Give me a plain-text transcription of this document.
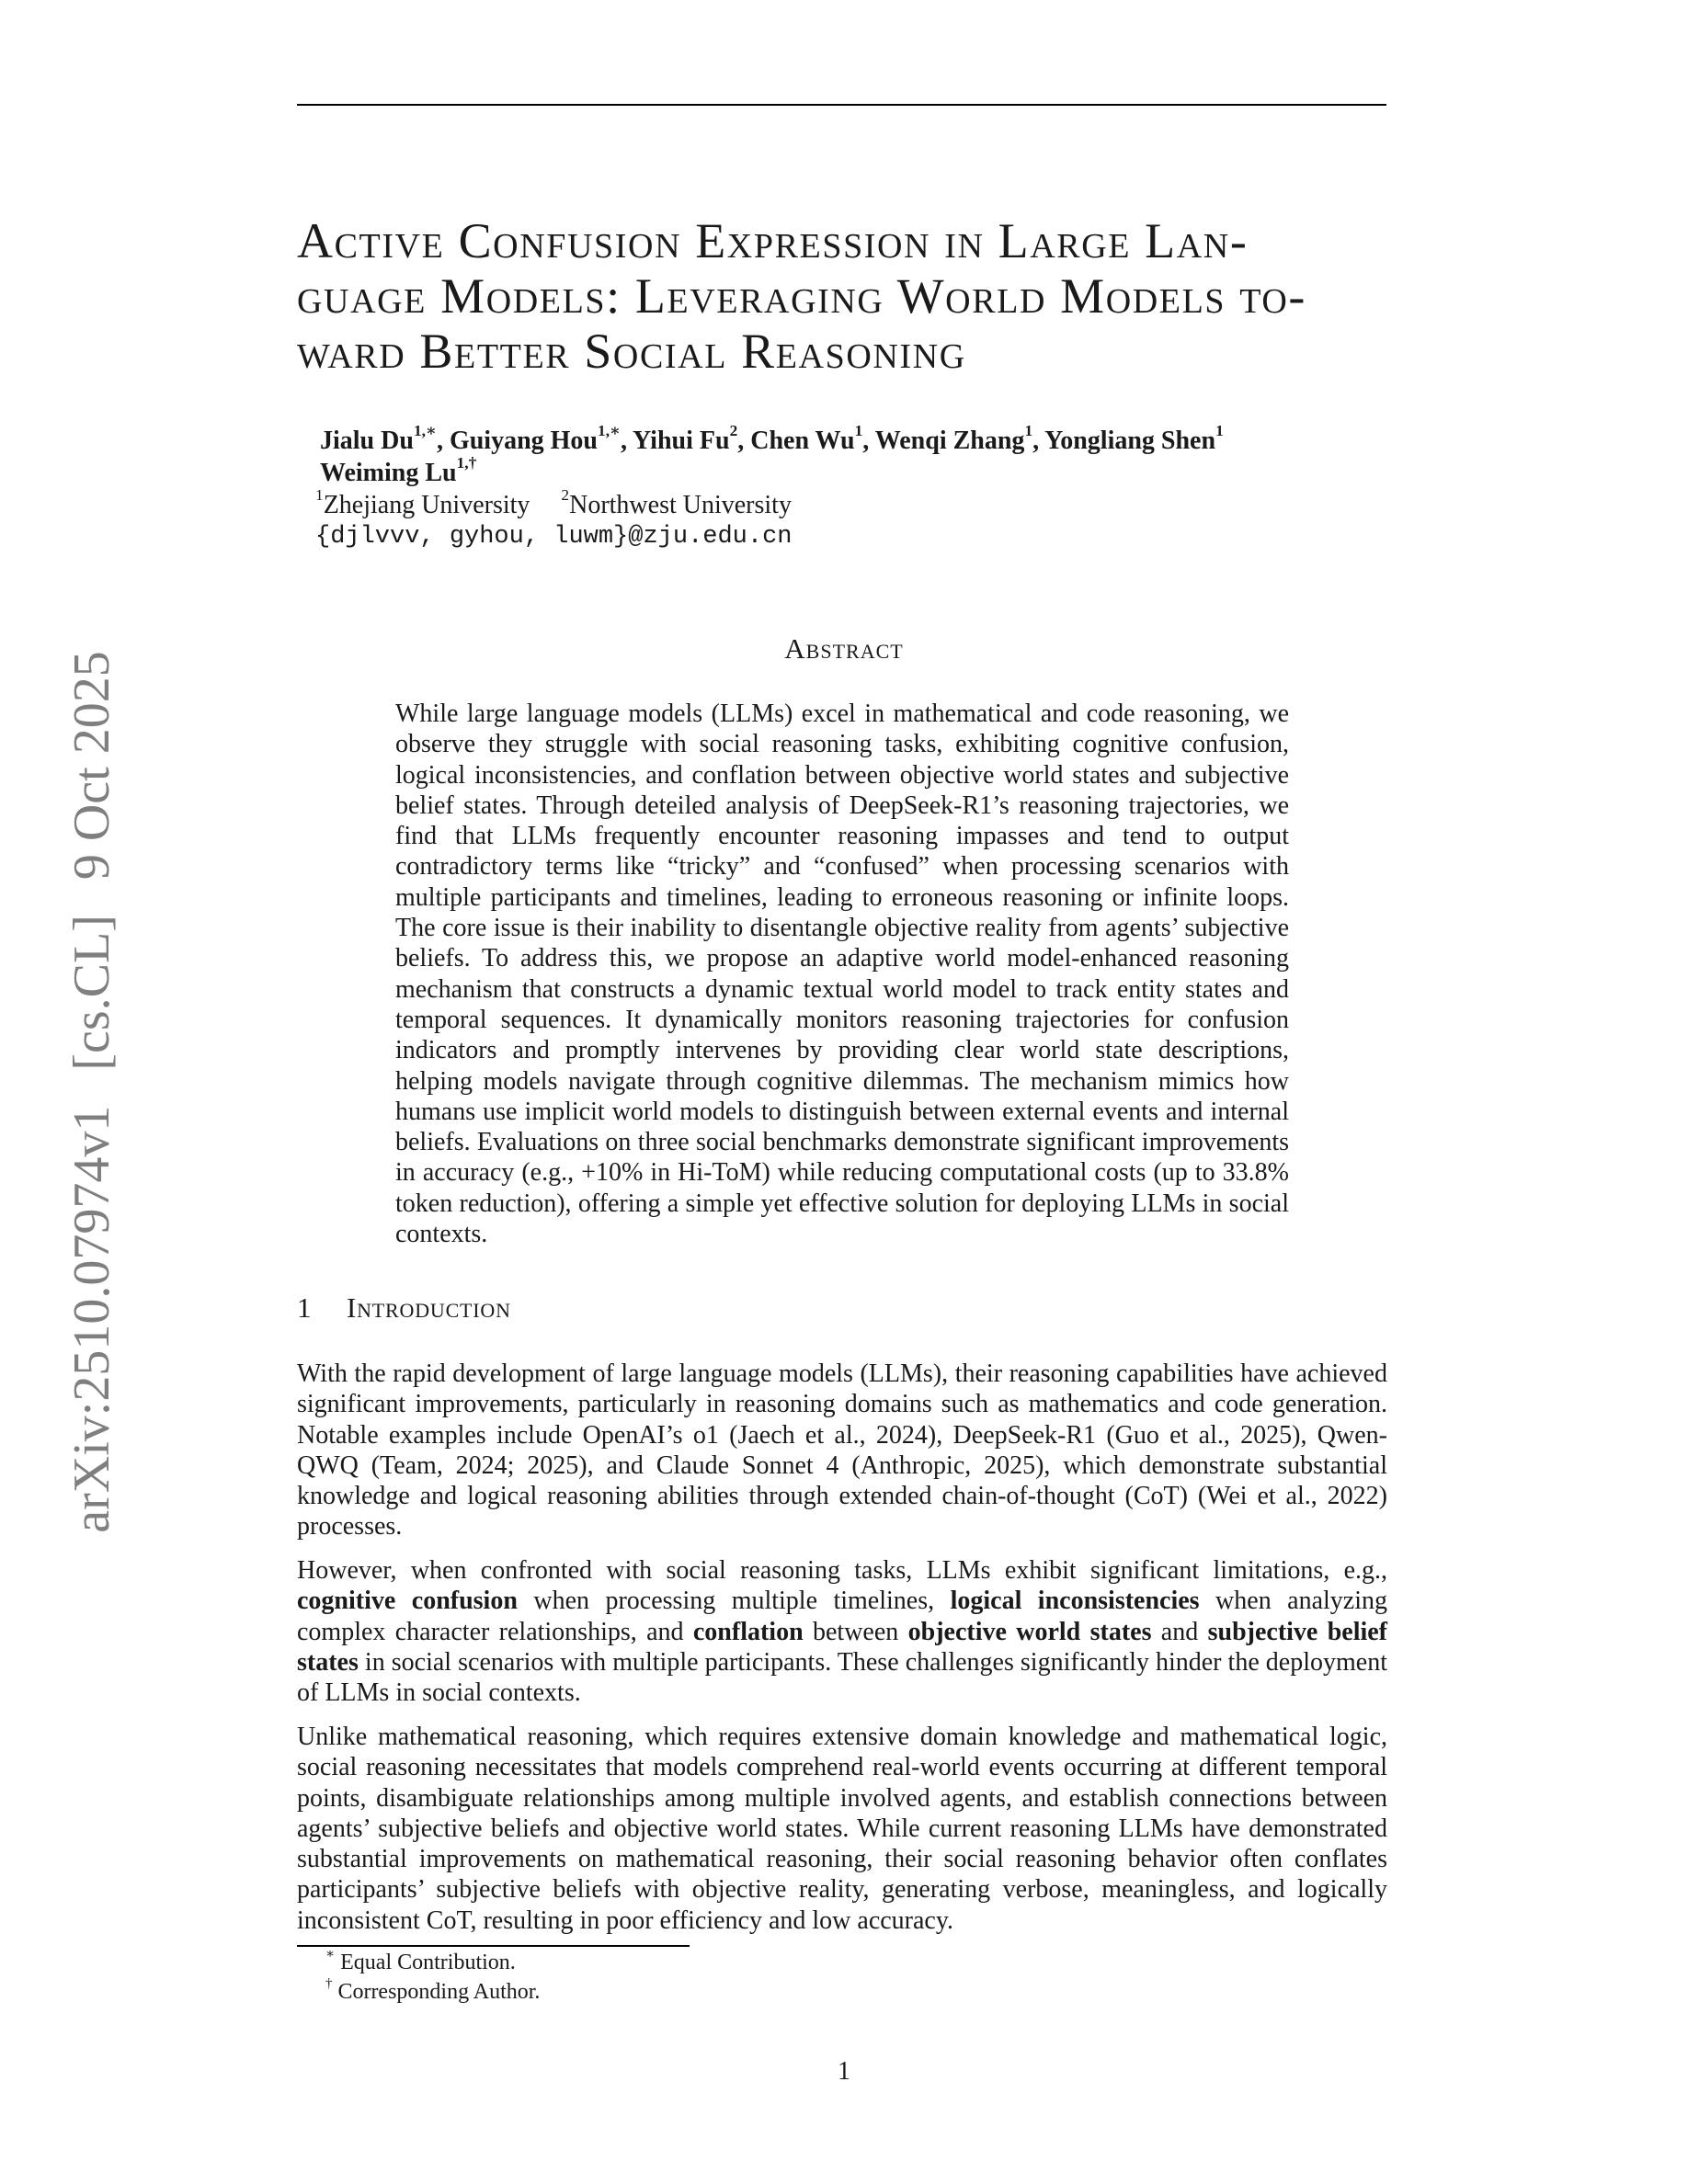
arXiv:2510.07974v1[cs.CL]9 Oct 2025
Active Confusion Expression in Large Lan-
guage Models: Leveraging World Models to-
ward Better Social Reasoning
Jialu $Du^{1,∗}$, Guiyang Hou$^{1,∗}$, Yihui Fu$^2$, Chen Wu$^1$, Wenqi Zhang$^1$, Yongliang Shen$^1$
Weiming $Lu^{1,\dagger}$
$^1$Zhejiang University $^2$Northwest University
{djlvvv, gyhou, luwm}@zju.edu.cn
Abstract
While large language models (LLMs) excel in mathematical and code reasoning, we observe they struggle with social reasoning tasks, exhibiting cognitive confusion, logical inconsistencies, and conflation between objective world states and subjective belief states. Through deteiled analysis of DeepSeek-R1’s reasoning trajectories, we find that LLMs frequently encounter reasoning impasses and tend to output contradictory terms like “tricky” and “confused” when processing scenarios with multiple participants and timelines, leading to erroneous reasoning or infinite loops. The core issue is their inability to disentangle objective reality from agents’ subjective beliefs. To address this, we propose an adaptive world model-enhanced reasoning mechanism that constructs a dynamic textual world model to track entity states and temporal sequences. It dynamically monitors reasoning trajectories for confusion indicators and promptly intervenes by providing clear world state descriptions, helping models navigate through cognitive dilemmas. The mechanism mimics how humans use implicit world models to distinguish between external events and internal beliefs. Evaluations on three social benchmarks demonstrate significant improvements in accuracy (e.g., +10% in Hi-ToM) while reducing computational costs (up to 33.8% token reduction), offering a simple yet effective solution for deploying LLMs in social contexts.
1 Introduction
With the rapid development of large language models (LLMs), their reasoning capabilities have achieved significant improvements, particularly in reasoning domains such as mathematics and code generation. Notable examples include OpenAI’s o1 (Jaech et al., 2024), DeepSeek-R1 (Guo et al., 2025), Qwen-QWQ (Team, 2024; 2025), and Claude Sonnet 4 (Anthropic, 2025), which demonstrate substantial knowledge and logical reasoning abilities through extended chain-of-thought (CoT) (Wei et al., 2022) processes.
However, when confronted with social reasoning tasks, LLMs exhibit significant limitations, e.g., cognitive confusion when processing multiple timelines, logical inconsistencies when analyzing complex character relationships, and conflation between objective world states and subjective belief states in social scenarios with multiple participants. These challenges significantly hinder the deployment of LLMs in social contexts.
Unlike mathematical reasoning, which requires extensive domain knowledge and mathematical logic, social reasoning necessitates that models comprehend real-world events occurring at different temporal points, disambiguate relationships among multiple involved agents, and establish connections between agents’ subjective beliefs and objective world states. While current reasoning LLMs have demonstrated substantial improvements on mathematical reasoning, their social reasoning behavior often conflates participants’ subjective beliefs with objective reality, generating verbose, meaningless, and logically inconsistent CoT, resulting in poor efficiency and low accuracy.
∗ Equal Contribution.
† Corresponding Author.
1
